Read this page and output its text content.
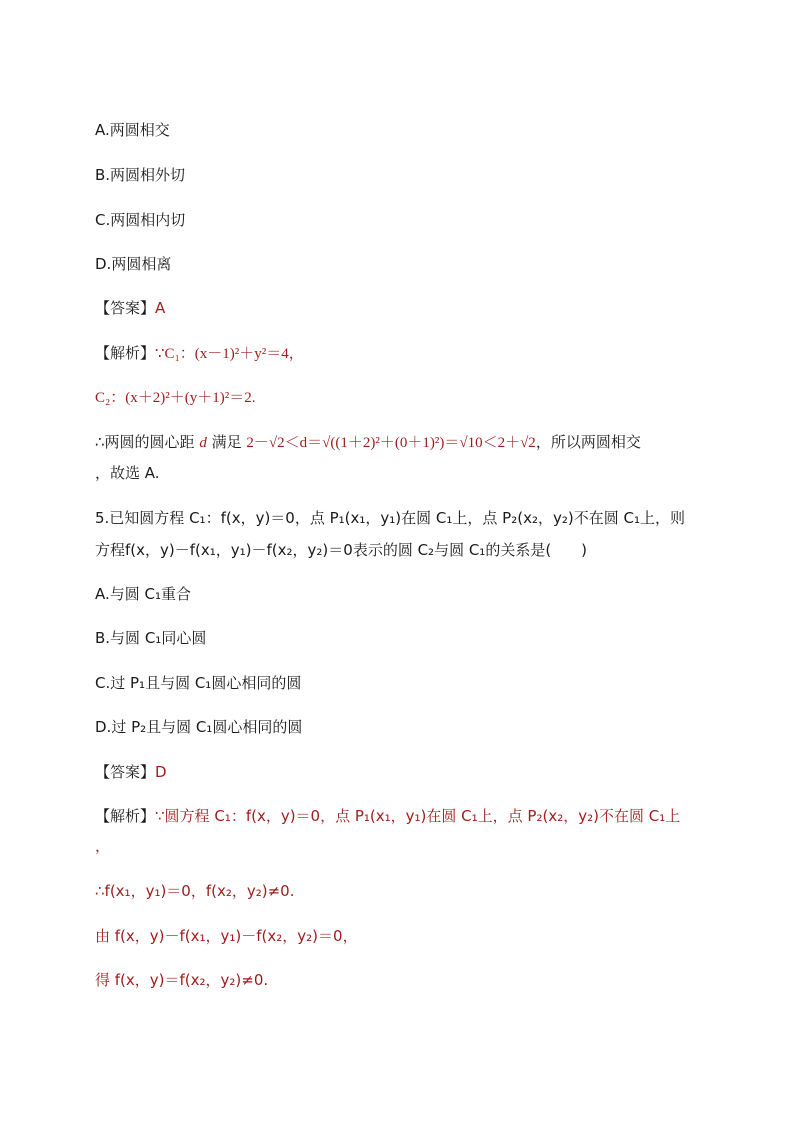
A.两圆相交
B.两圆相外切
C.两圆相内切
D.两圆相离
【答案】A
【解析】∵C₁：(x－1)²＋y²＝4，
C₂：(x＋2)²＋(y＋1)²＝2.
∴两圆的圆心距 d 满足 2－√2＜d＝√((1＋2)²＋(0＋1)²)＝√10＜2＋√2，所以两圆相交
，故选 A.
5.已知圆方程 C₁：f(x，y)＝0，点 P₁(x₁，y₁)在圆 C₁上，点 P₂(x₂，y₂)不在圆 C₁上，则
方程f(x，y)－f(x₁，y₁)－f(x₂，y₂)＝0表示的圆 C₂与圆 C₁的关系是(　　)
A.与圆 C₁重合
B.与圆 C₁同心圆
C.过 P₁且与圆 C₁圆心相同的圆
D.过 P₂且与圆 C₁圆心相同的圆
【答案】D
【解析】∵圆方程 C₁：f(x，y)＝0，点 P₁(x₁，y₁)在圆 C₁上，点 P₂(x₂，y₂)不在圆 C₁上
，
∴f(x₁，y₁)＝0，f(x₂，y₂)≠0.
由 f(x，y)－f(x₁，y₁)－f(x₂，y₂)＝0，
得 f(x，y)＝f(x₂，y₂)≠0.
